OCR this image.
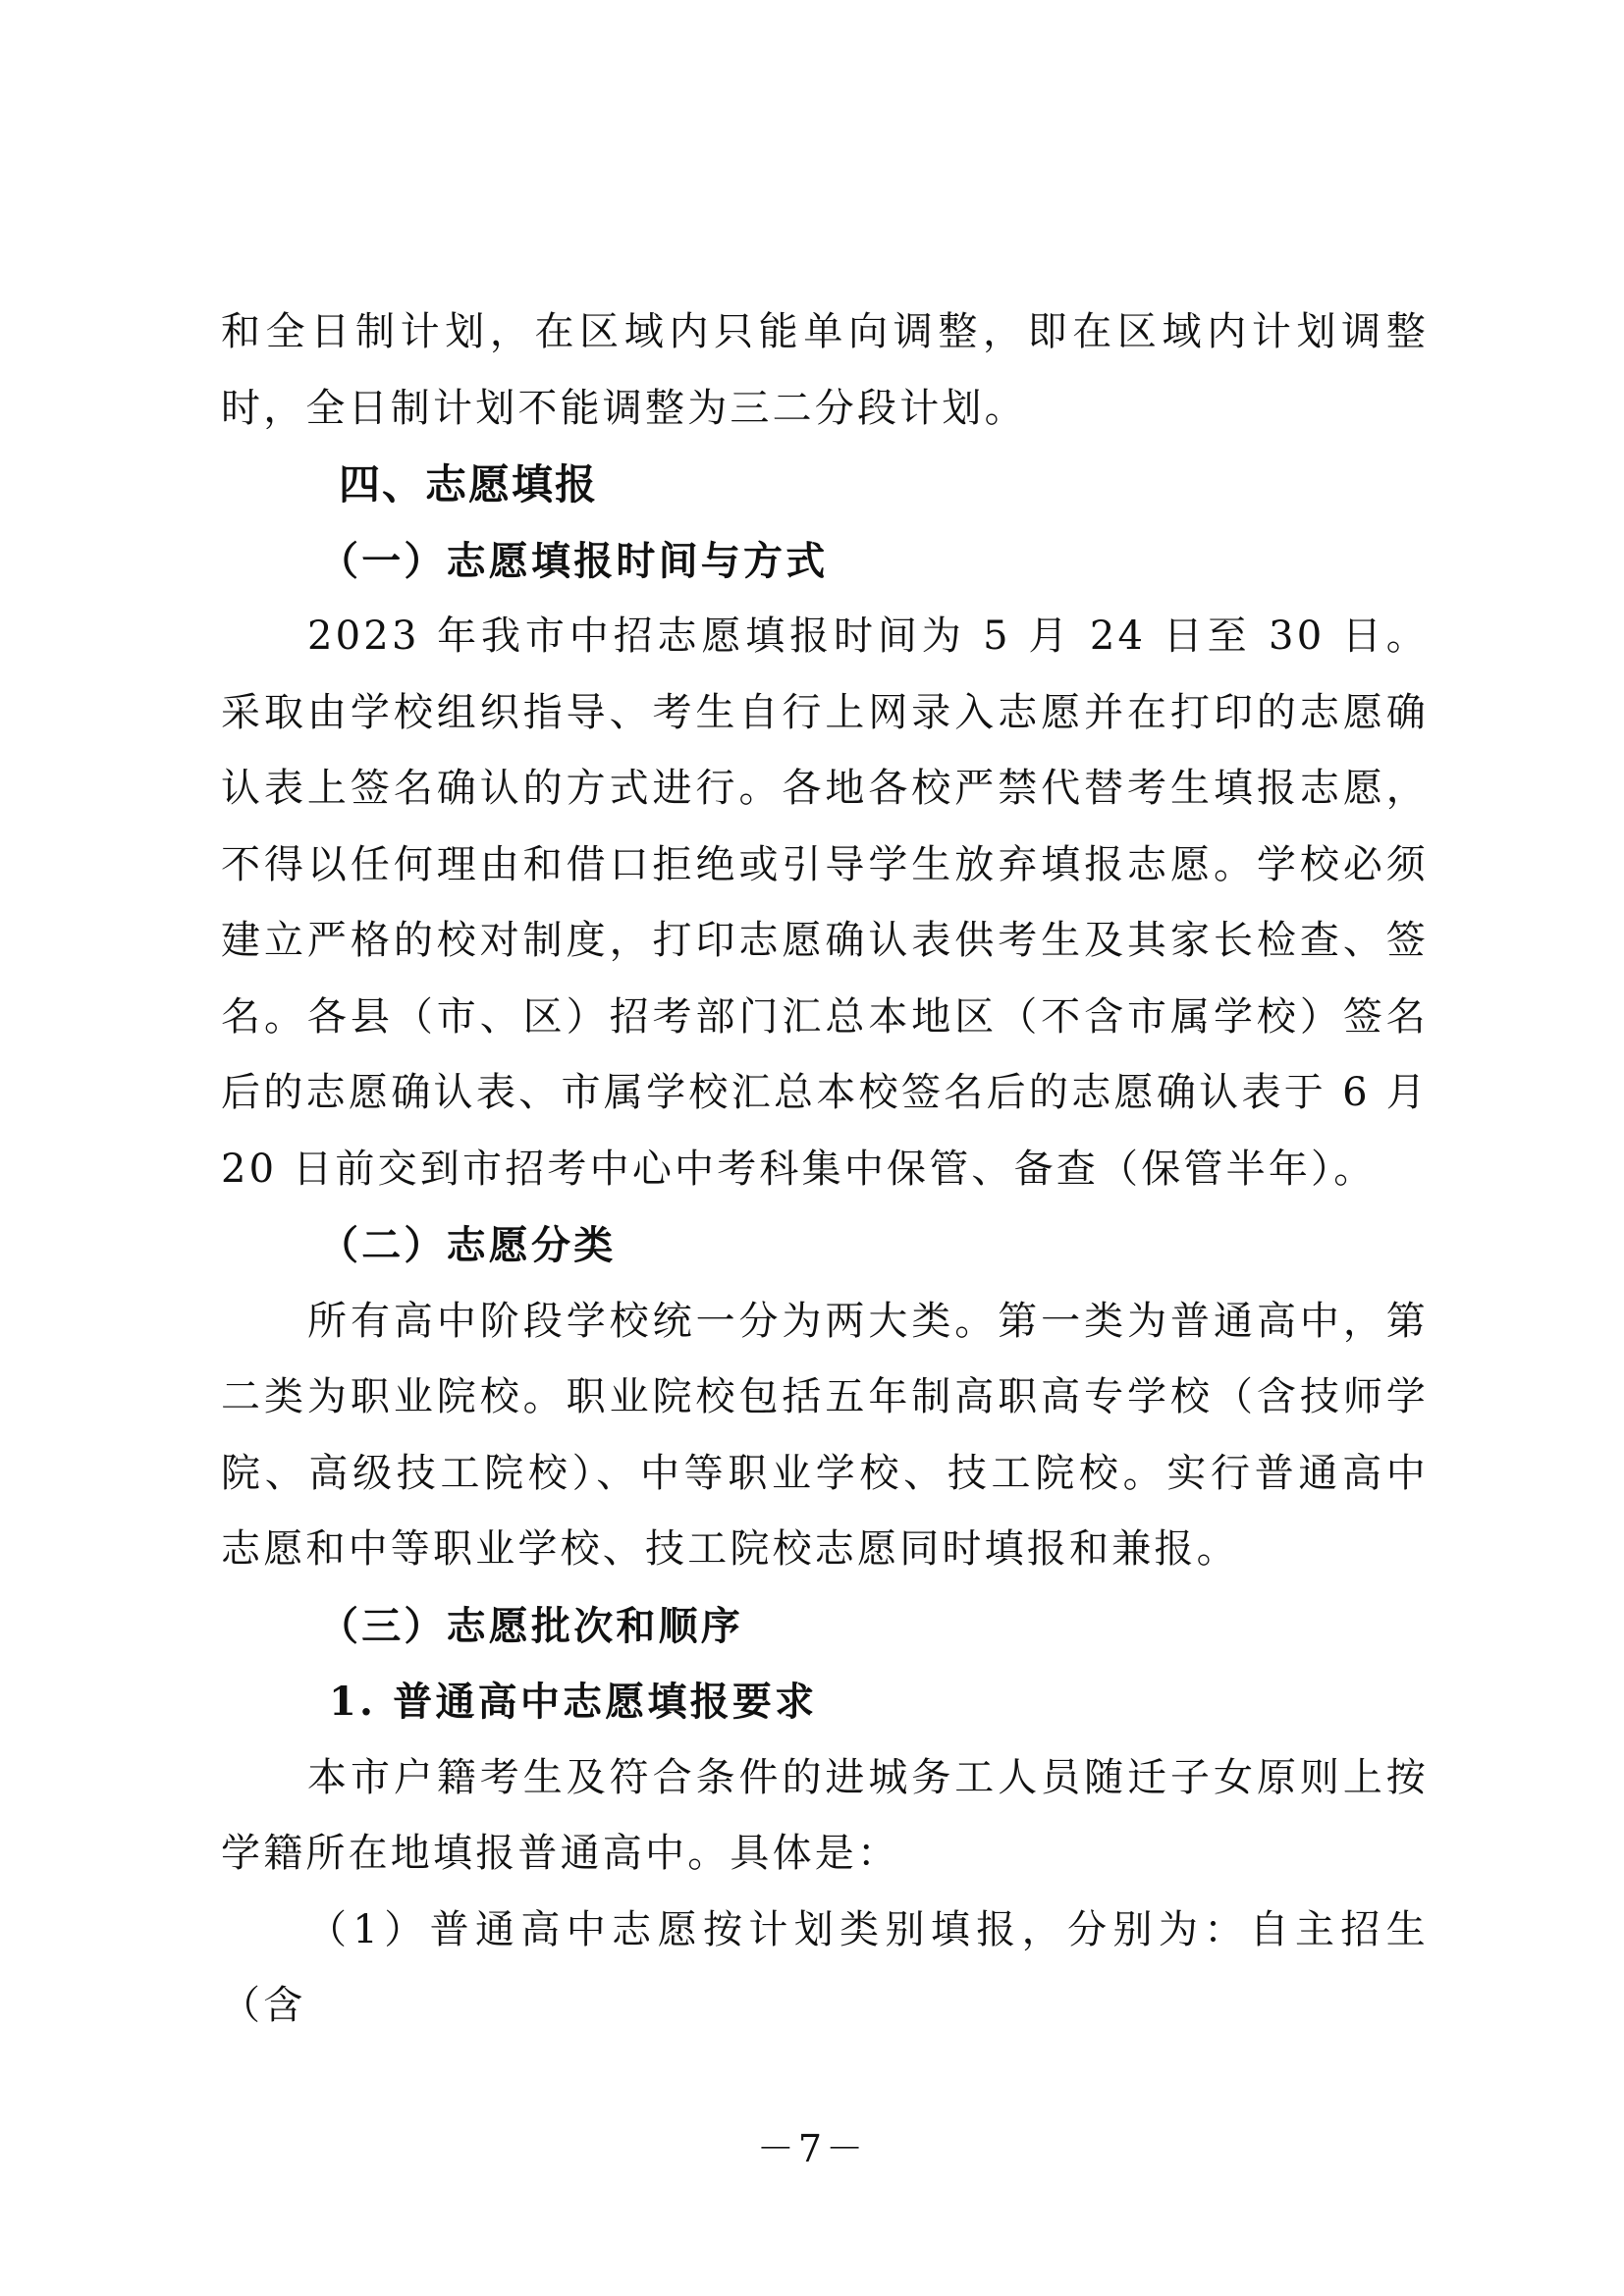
和全日制计划，在区域内只能单向调整，即在区域内计划调整时，全日制计划不能调整为三二分段计划。

四、志愿填报
（一）志愿填报时间与方式

2023 年我市中招志愿填报时间为 5 月 24 日至 30 日。采取由学校组织指导、考生自行上网录入志愿并在打印的志愿确认表上签名确认的方式进行。各地各校严禁代替考生填报志愿，不得以任何理由和借口拒绝或引导学生放弃填报志愿。学校必须建立严格的校对制度，打印志愿确认表供考生及其家长检查、签名。各县（市、区）招考部门汇总本地区（不含市属学校）签名后的志愿确认表、市属学校汇总本校签名后的志愿确认表于 6 月 20 日前交到市招考中心中考科集中保管、备查（保管半年）。

（二）志愿分类

所有高中阶段学校统一分为两大类。第一类为普通高中，第二类为职业院校。职业院校包括五年制高职高专学校（含技师学院、高级技工院校）、中等职业学校、技工院校。实行普通高中志愿和中等职业学校、技工院校志愿同时填报和兼报。

（三）志愿批次和顺序
1. 普通高中志愿填报要求

本市户籍考生及符合条件的进城务工人员随迁子女原则上按学籍所在地填报普通高中。具体是：

（1）普通高中志愿按计划类别填报，分别为：自主招生（含

－7－
